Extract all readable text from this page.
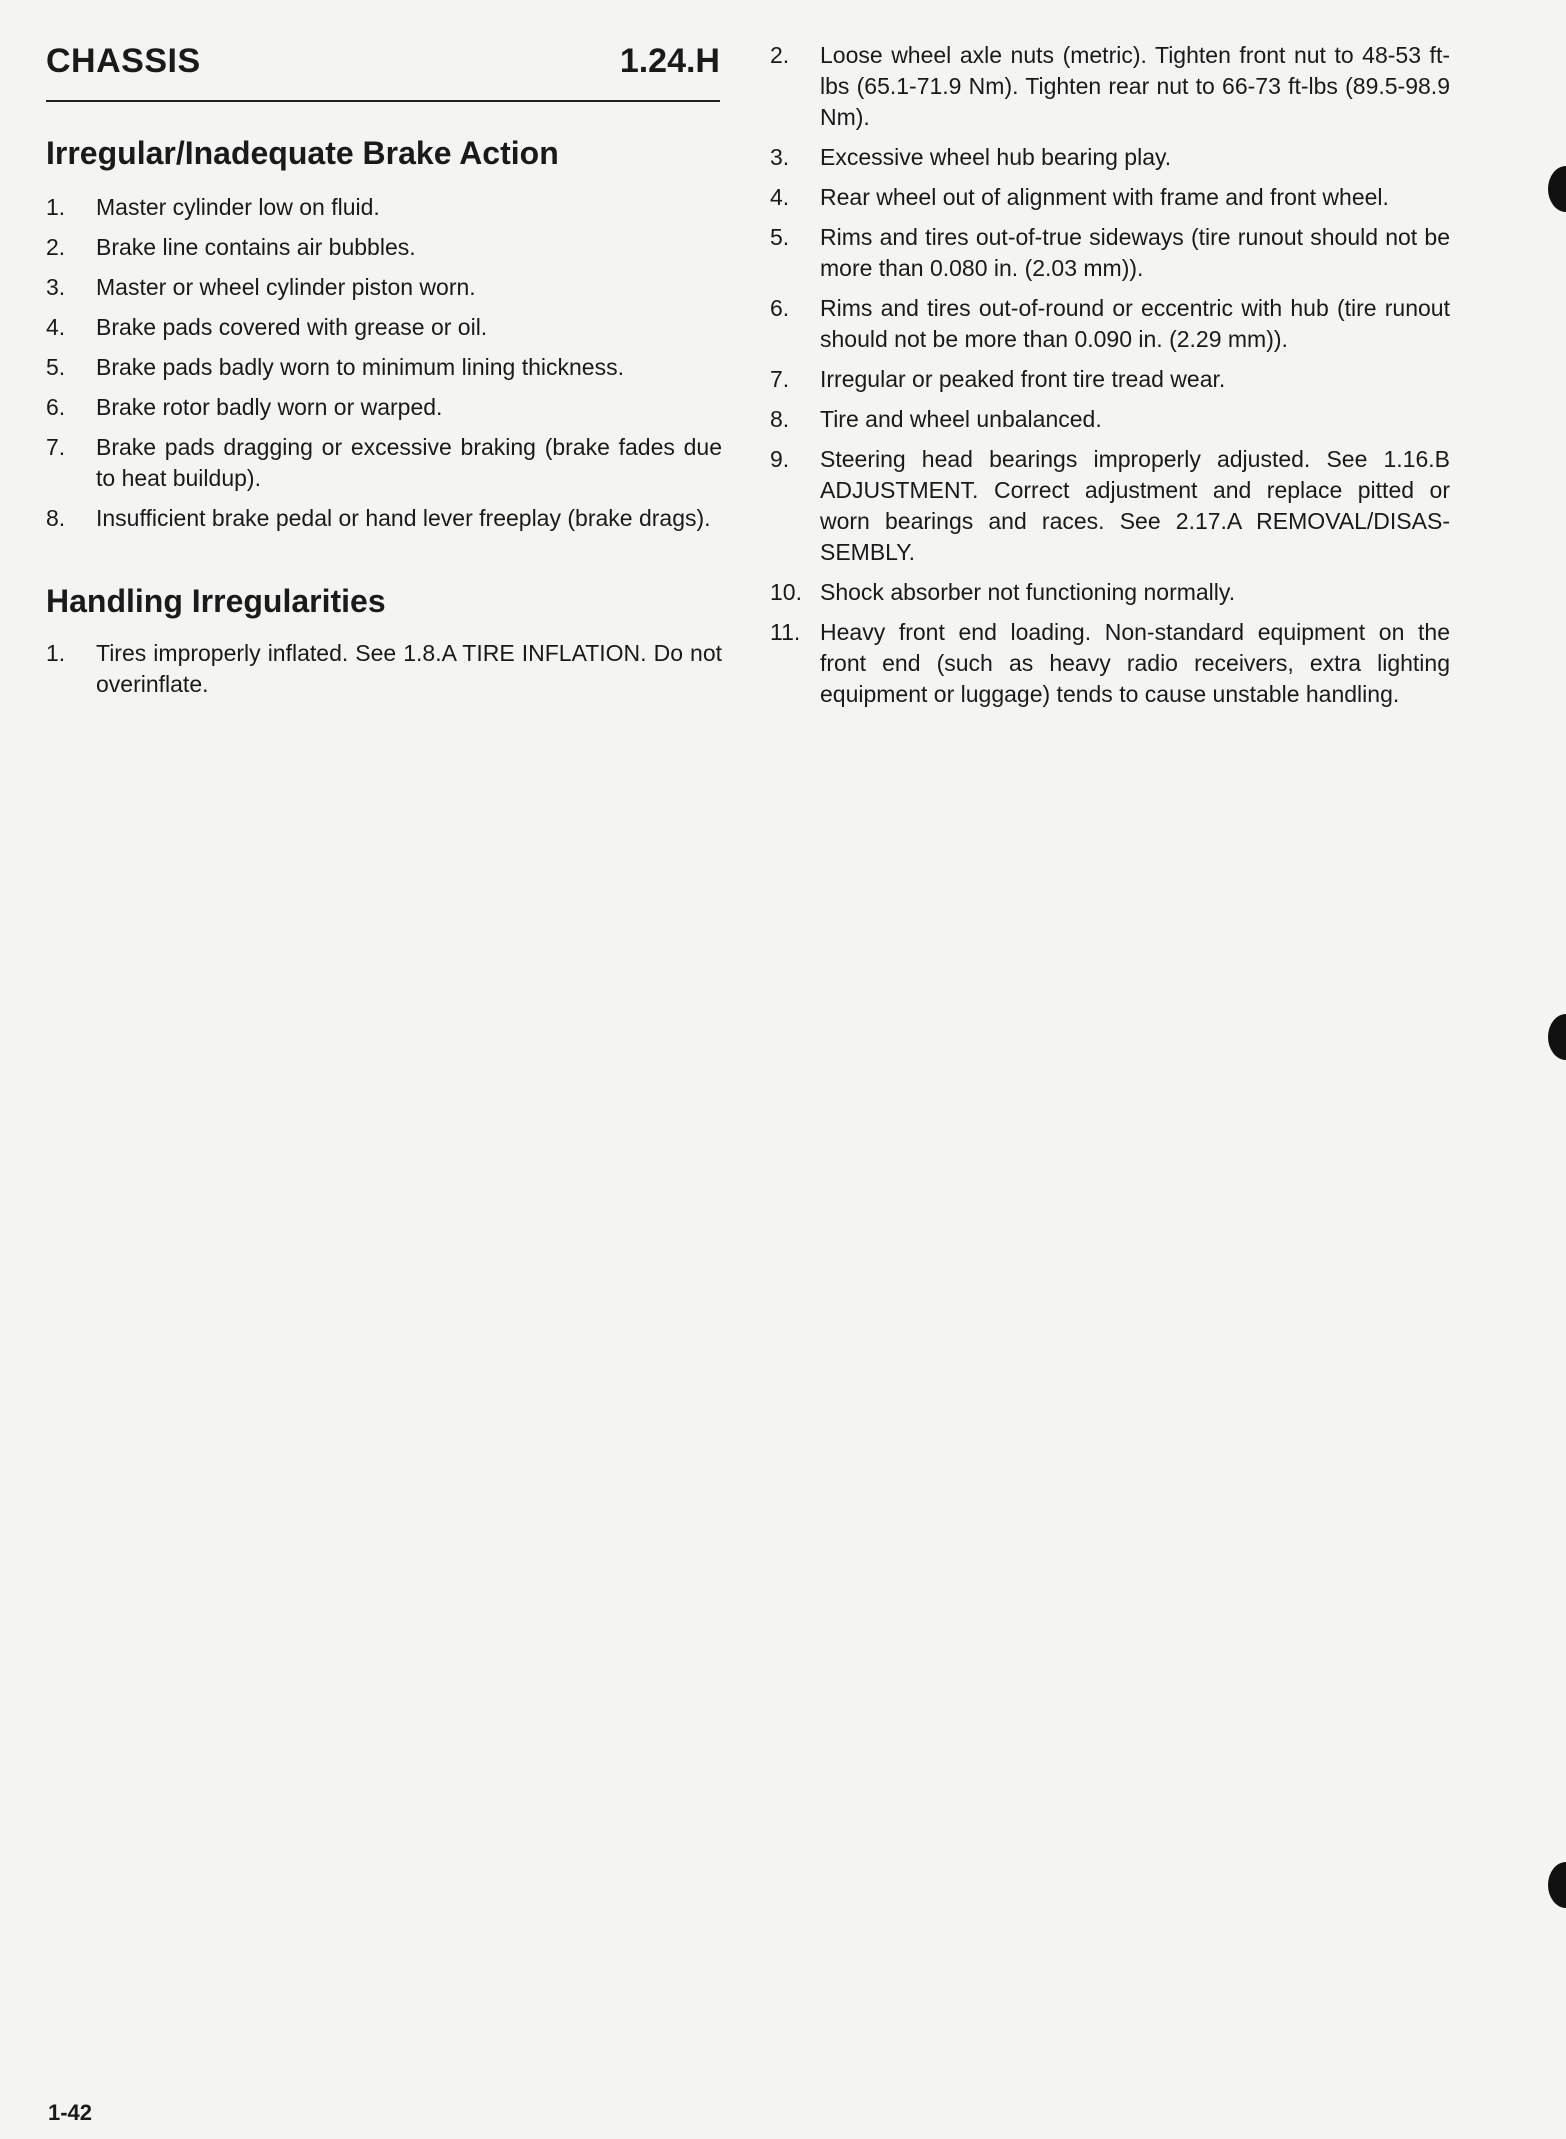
CHASSIS	1.24.H
Irregular/Inadequate Brake Action
1. Master cylinder low on fluid.
2. Brake line contains air bubbles.
3. Master or wheel cylinder piston worn.
4. Brake pads covered with grease or oil.
5. Brake pads badly worn to minimum lining thickness.
6. Brake rotor badly worn or warped.
7. Brake pads dragging or excessive braking (brake fades due to heat buildup).
8. Insufficient brake pedal or hand lever freeplay (brake drags).
Handling Irregularities
1. Tires improperly inflated. See 1.8.A TIRE INFLATION. Do not overinflate.
2. Loose wheel axle nuts (metric). Tighten front nut to 48-53 ft-lbs (65.1-71.9 Nm). Tighten rear nut to 66-73 ft-lbs (89.5-98.9 Nm).
3. Excessive wheel hub bearing play.
4. Rear wheel out of alignment with frame and front wheel.
5. Rims and tires out-of-true sideways (tire runout should not be more than 0.080 in. (2.03 mm)).
6. Rims and tires out-of-round or eccentric with hub (tire runout should not be more than 0.090 in. (2.29 mm)).
7. Irregular or peaked front tire tread wear.
8. Tire and wheel unbalanced.
9. Steering head bearings improperly adjusted. See 1.16.B ADJUSTMENT. Correct adjustment and replace pitted or worn bearings and races. See 2.17.A REMOVAL/DISAS-SEMBLY.
10. Shock absorber not functioning normally.
11. Heavy front end loading. Non-standard equipment on the front end (such as heavy radio receivers, extra lighting equipment or luggage) tends to cause unstable handling.
1-42
